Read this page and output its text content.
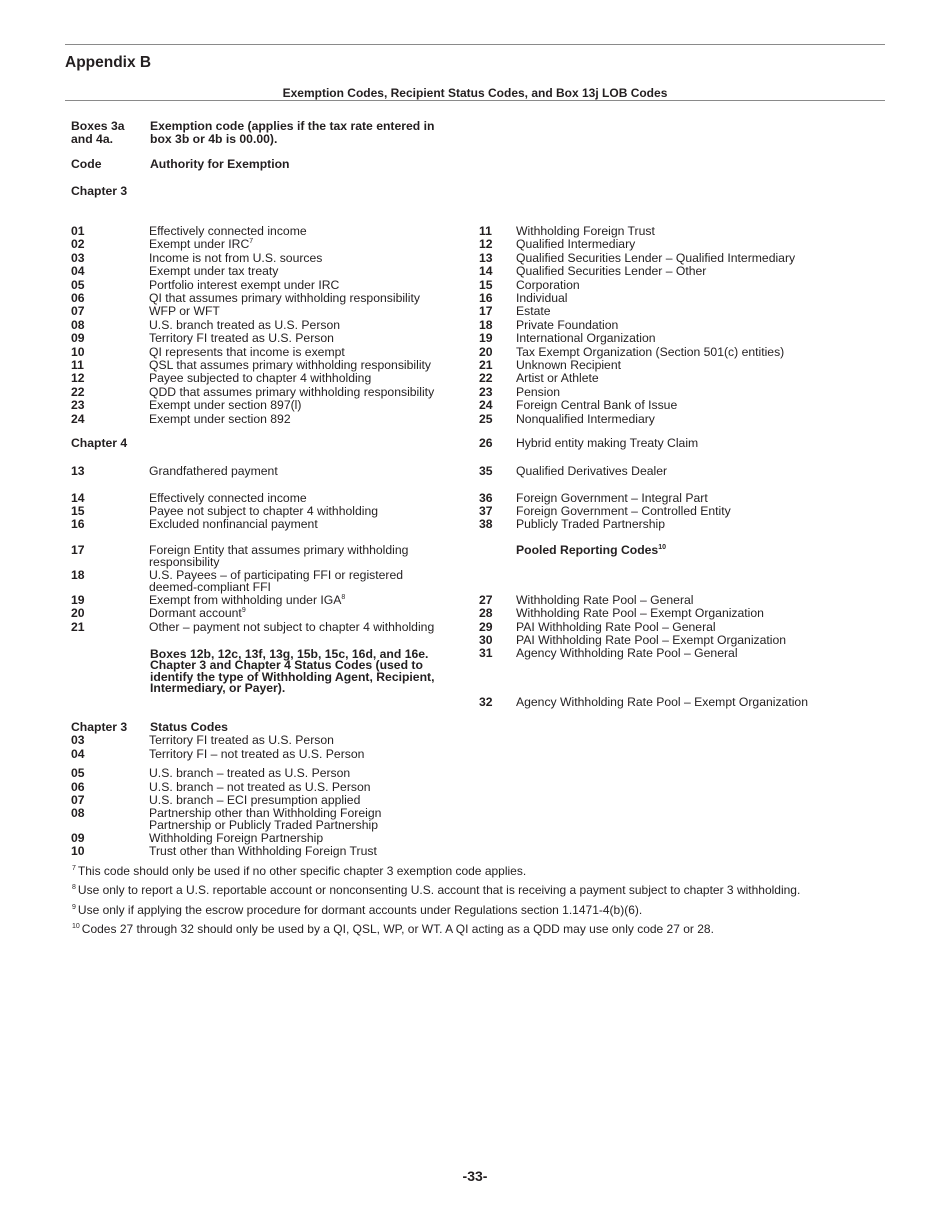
Appendix B
Exemption Codes, Recipient Status Codes, and Box 13j LOB Codes
Boxes 3a
and 4a.
Exemption code (applies if the tax rate entered in
box 3b or 4b is 00.00).
Code	Authority for Exemption
Chapter 3
01	Effectively connected income
02	Exempt under IRC$^7$
03	Income is not from U.S. sources
04	Exempt under tax treaty
05	Portfolio interest exempt under IRC
06	QI that assumes primary withholding responsibility
07	WFP or WFT
08	U.S. branch treated as U.S. Person
09	Territory FI treated as U.S. Person
10	QI represents that income is exempt
11	QSL that assumes primary withholding responsibility
12	Payee subjected to chapter 4 withholding
22	QDD that assumes primary withholding responsibility
23	Exempt under section 897(l)
24	Exempt under section 892
Chapter 4
13	Grandfathered payment
14	Effectively connected income
15	Payee not subject to chapter 4 withholding
16	Excluded nonfinancial payment
17	Foreign Entity that assumes primary withholding
responsibility
18	U.S. Payees – of participating FFI or registered
deemed-compliant FFI
19	Exempt from withholding under IGA$^8$
20	Dormant account$^9$
21	Other – payment not subject to chapter 4 withholding
Boxes 12b, 12c, 13f, 13g, 15b, 15c, 16d, and 16e.
Chapter 3 and Chapter 4 Status Codes (used to
identify the type of Withholding Agent, Recipient,
Intermediary, or Payer).
Chapter 3 Status Codes
03	Territory FI treated as U.S. Person
04	Territory FI – not treated as U.S. Person
05	U.S. branch – treated as U.S. Person
06	U.S. branch – not treated as U.S. Person
07	U.S. branch – ECI presumption applied
08	Partnership other than Withholding Foreign
Partnership or Publicly Traded Partnership
09	Withholding Foreign Partnership
10	Trust other than Withholding Foreign Trust
11 Withholding Foreign Trust
12 Qualified Intermediary
13 Qualified Securities Lender – Qualified Intermediary
14 Qualified Securities Lender – Other
15 Corporation
16 Individual
17 Estate
18 Private Foundation
19 International Organization
20 Tax Exempt Organization (Section 501(c) entities)
21 Unknown Recipient
22 Artist or Athlete
23 Pension
24 Foreign Central Bank of Issue
25 Nonqualified Intermediary
26 Hybrid entity making Treaty Claim
35 Qualified Derivatives Dealer
36 Foreign Government – Integral Part
37 Foreign Government – Controlled Entity
38 Publicly Traded Partnership
Pooled Reporting Codes$^{10}$
27 Withholding Rate Pool – General
28 Withholding Rate Pool – Exempt Organization
29 PAI Withholding Rate Pool – General
30 PAI Withholding Rate Pool – Exempt Organization
31 Agency Withholding Rate Pool – General
32 Agency Withholding Rate Pool – Exempt Organization
$^7$ This code should only be used if no other specific chapter 3 exemption code applies.
$^8$ Use only to report a U.S. reportable account or nonconsenting U.S. account that is receiving a payment subject to chapter 3 withholding.
$^9$ Use only if applying the escrow procedure for dormant accounts under Regulations section 1.1471-4(b)(6).
$^{10}$ Codes 27 through 32 should only be used by a QI, QSL, WP, or WT. A QI acting as a QDD may use only code 27 or 28.
-33-
